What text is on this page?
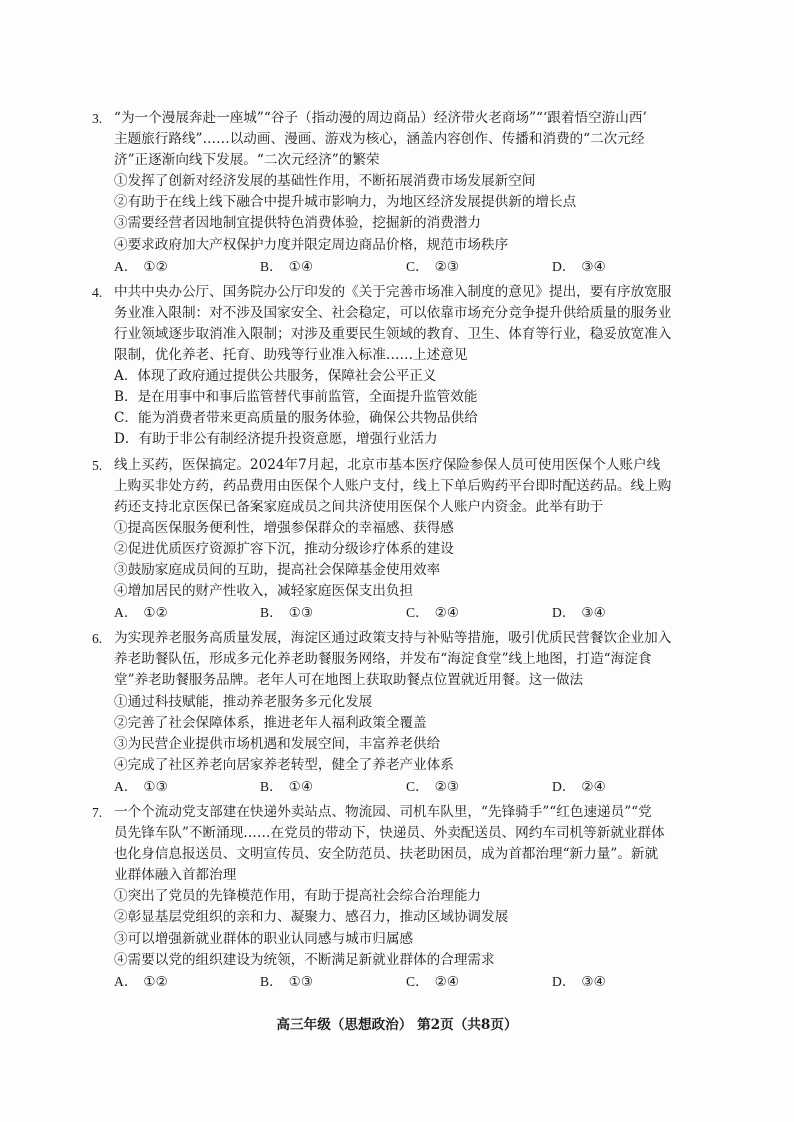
3. “为一个漫展奔赴一座城”“谷子（指动漫的周边商品）经济带火老商场”“‘跟着悟空游山西’
主题旅行路线”……以动画、漫画、游戏为核心，涵盖内容创作、传播和消费的“二次元经
济”正逐渐向线下发展。“二次元经济”的繁荣
①发挥了创新对经济发展的基础性作用，不断拓展消费市场发展新空间
②有助于在线上线下融合中提升城市影响力，为地区经济发展提供新的增长点
③需要经营者因地制宜提供特色消费体验，挖掘新的消费潜力
④要求政府加大产权保护力度并限定周边商品价格，规范市场秩序
A． ①②	B． ①④	C． ②③	D． ③④
4. 中共中央办公厅、国务院办公厅印发的《关于完善市场准入制度的意见》提出，要有序放宽服
务业准入限制：对不涉及国家安全、社会稳定，可以依靠市场充分竞争提升供给质量的服务业
行业领域逐步取消准入限制；对涉及重要民生领域的教育、卫生、体育等行业，稳妥放宽准入
限制，优化养老、托育、助残等行业准入标准……上述意见
A．体现了政府通过提供公共服务，保障社会公平正义
B．是在用事中和事后监管替代事前监管，全面提升监管效能
C．能为消费者带来更高质量的服务体验，确保公共物品供给
D．有助于非公有制经济提升投资意愿，增强行业活力
5. 线上买药，医保搞定。2024年7月起，北京市基本医疗保险参保人员可使用医保个人账户线
上购买非处方药，药品费用由医保个人账户支付，线上下单后购药平台即时配送药品。线上购
药还支持北京医保已备案家庭成员之间共济使用医保个人账户内资金。此举有助于
①提高医保服务便利性，增强参保群众的幸福感、获得感
②促进优质医疗资源扩容下沉，推动分级诊疗体系的建设
③鼓励家庭成员间的互助，提高社会保障基金使用效率
④增加居民的财产性收入，减轻家庭医保支出负担
A． ①②	B． ①③	C． ②④	D． ③④
6. 为实现养老服务高质量发展，海淀区通过政策支持与补贴等措施，吸引优质民营餐饮企业加入
养老助餐队伍，形成多元化养老助餐服务网络，并发布“海淀食堂”线上地图，打造“海淀食
堂”养老助餐服务品牌。老年人可在地图上获取助餐点位置就近用餐。这一做法
①通过科技赋能，推动养老服务多元化发展
②完善了社会保障体系，推进老年人福利政策全覆盖
③为民营企业提供市场机遇和发展空间，丰富养老供给
④完成了社区养老向居家养老转型，健全了养老产业体系
A． ①③	B． ①④	C． ②③	D． ②④
7. 一个个流动党支部建在快递外卖站点、物流园、司机车队里，“先锋骑手”“红色速递员”“党
员先锋车队”不断涌现……在党员的带动下，快递员、外卖配送员、网约车司机等新就业群体
也化身信息报送员、文明宣传员、安全防范员、扶老助困员，成为首都治理“新力量”。新就
业群体融入首都治理
①突出了党员的先锋模范作用，有助于提高社会综合治理能力
②彰显基层党组织的亲和力、凝聚力、感召力，推动区域协调发展
③可以增强新就业群体的职业认同感与城市归属感
④需要以党的组织建设为统领，不断满足新就业群体的合理需求
A． ①②	B． ①③	C． ②④	D． ③④
高三年级（思想政治） 第2页（共8页）
